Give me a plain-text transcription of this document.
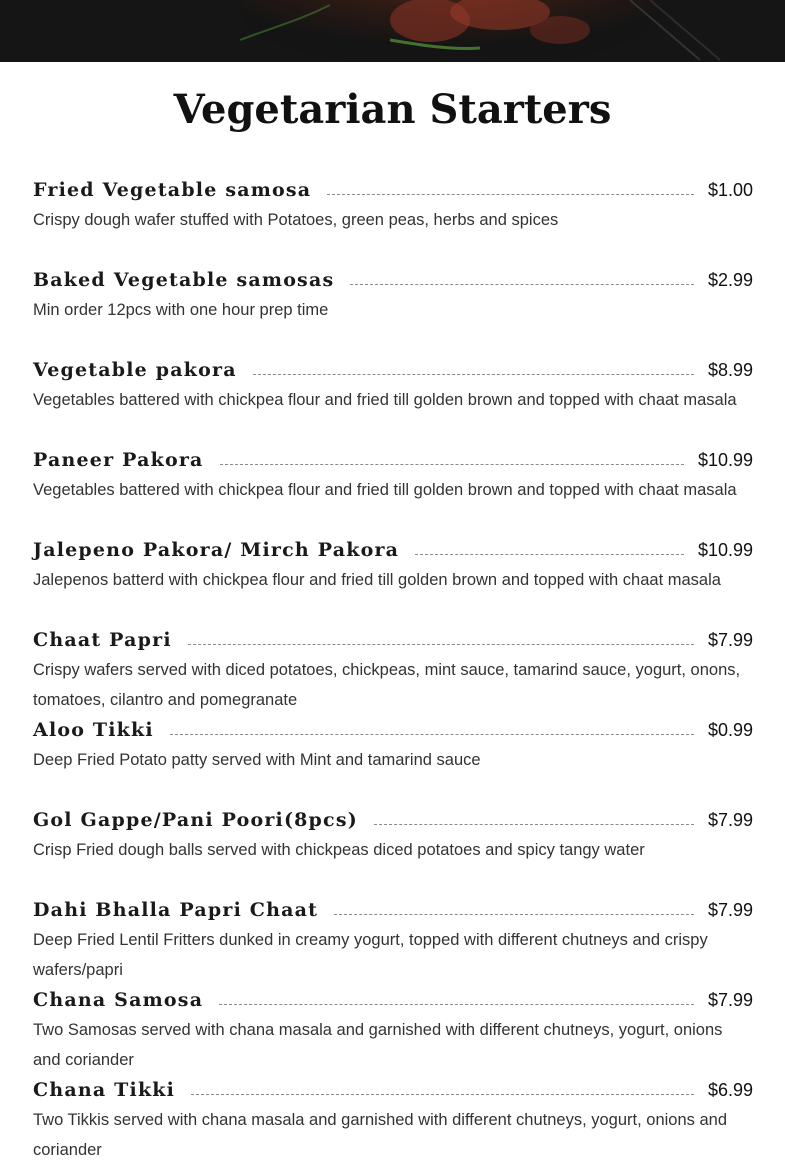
Vegetarian Starters
Fried Vegetable samosa	$1.00

Crispy dough wafer stuffed with Potatoes, green peas, herbs and spices

Baked Vegetable samosas	$2.99

Min order 12pcs with one hour prep time

Vegetable pakora	$8.99

Vegetables battered with chickpea flour and fried till golden brown and topped with chaat masala

Paneer Pakora	$10.99

Vegetables battered with chickpea flour and fried till golden brown and topped with chaat masala

Jalepeno Pakora/ Mirch Pakora	$10.99

Jalepenos batterd with chickpea flour and fried till golden brown and topped with chaat masala

Chaat Papri	$7.99

Crispy wafers served with diced potatoes, chickpeas, mint sauce, tamarind sauce, yogurt, onons, tomatoes, cilantro and pomegranate

Aloo Tikki	$0.99

Deep Fried Potato patty served with Mint and tamarind sauce

Gol Gappe/Pani Poori(8pcs)	$7.99

Crisp Fried dough balls served with chickpeas diced potatoes and spicy tangy water

Dahi Bhalla Papri Chaat	$7.99

Deep Fried Lentil Fritters dunked in creamy yogurt, topped with different chutneys and crispy wafers/papri

Chana Samosa	$7.99

Two Samosas served with chana masala and garnished with different chutneys, yogurt, onions and coriander

Chana Tikki	$6.99

Two Tikkis served with chana masala and garnished with different chutneys, yogurt, onions and coriander
